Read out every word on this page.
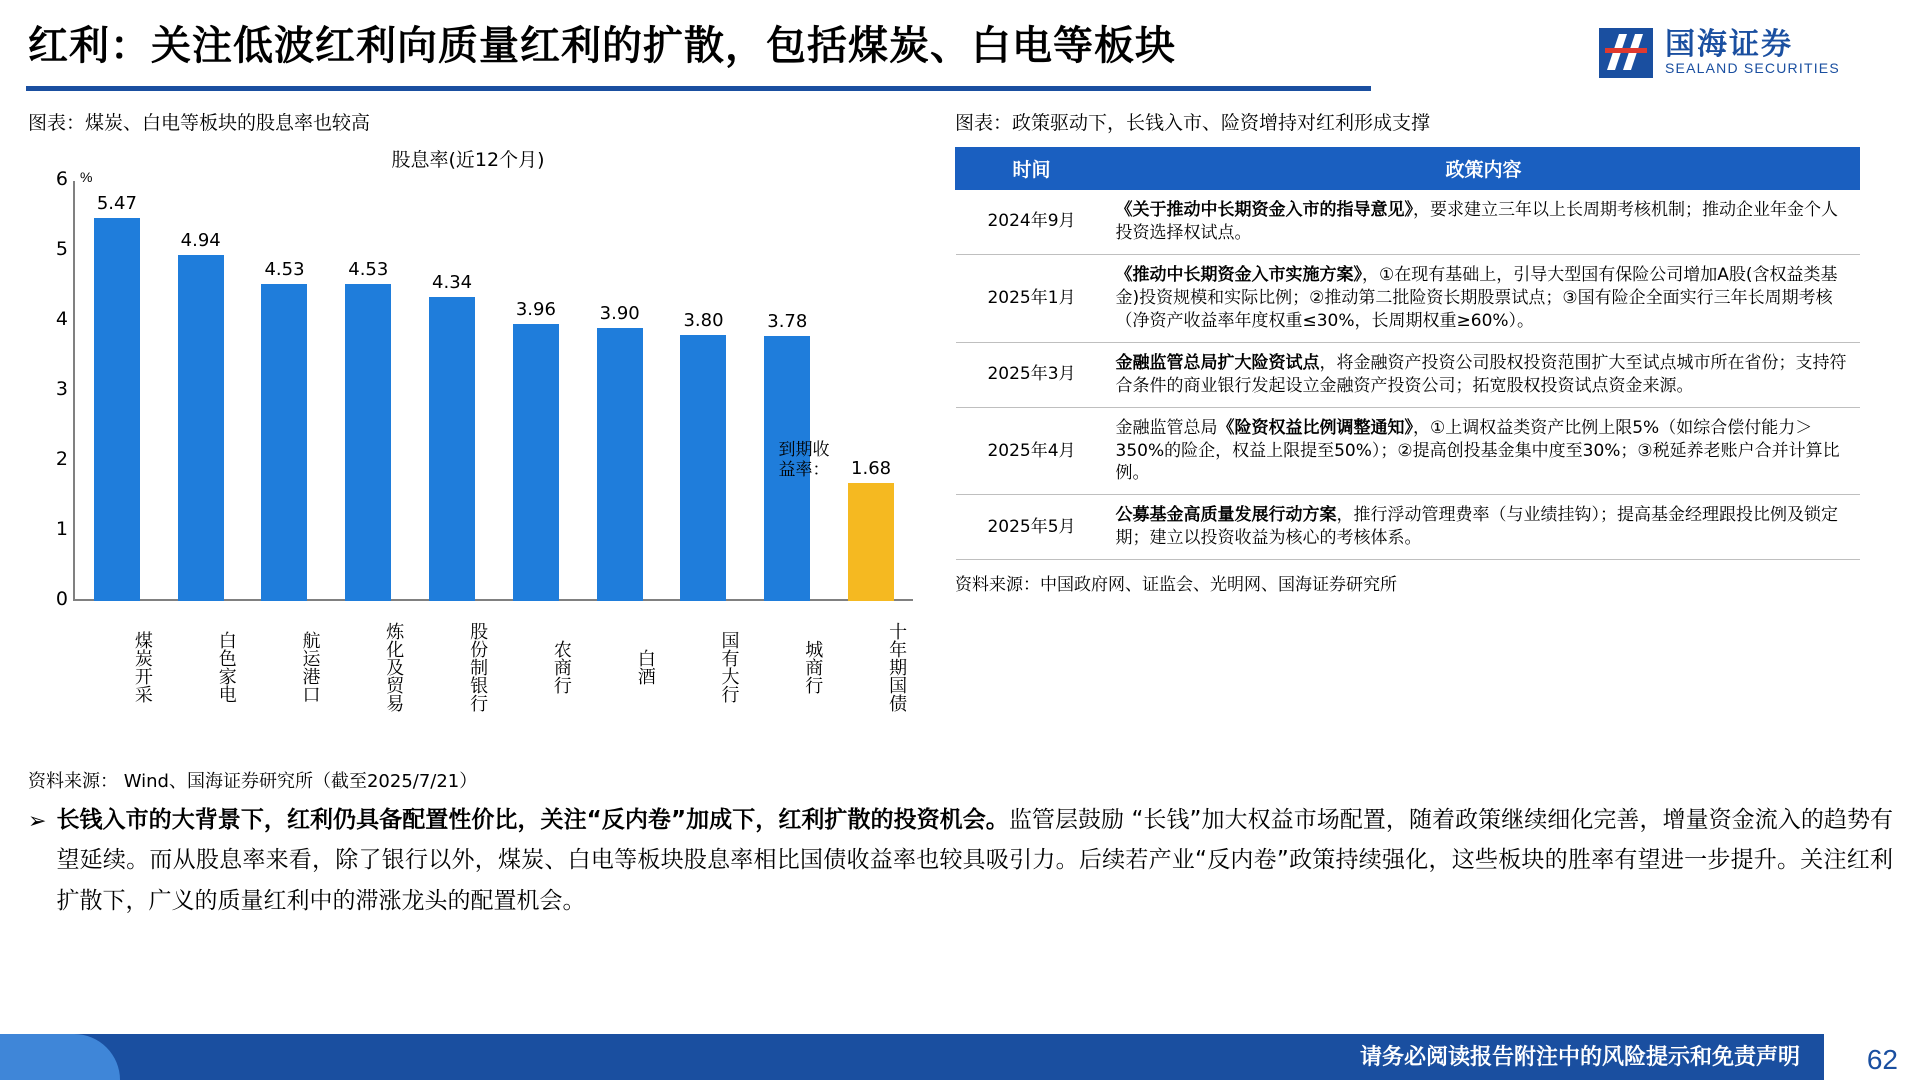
红利：关注低波红利向质量红利的扩散，包括煤炭、白电等板块	国海证券
SEALAND SECURITIES
图表：煤炭、白电等板块的股息率也较高
股息率(近12个月)
%
0
1
2
3
4
5
6
5.47
4.94
4.53 4.53
4.34
3.96 3.90 3.80 3.78
1.68
煤炭开采	白色家电	航运港口	炼化及贸易	股份制银行	农商行	白酒	国有大行	城商行	十年期国债
到期收益率：
资料来源： Wind、国海证券研究所（截至2025/7/21）
图表：政策驱动下，长钱入市、险资增持对红利形成支撑
时间	政策内容
2024年9月	《关于推动中长期资金入市的指导意见》，要求建立三年以上长周期考核机制；推动企业年金个人投资选择权试点。
2025年1月	《推动中长期资金入市实施方案》，①在现有基础上，引导大型国有保险公司增加A股(含权益类基金)投资规模和实际比例；②推动第二批险资长期股票试点；③国有险企全面实行三年长周期考核（净资产收益率年度权重≤30%，长周期权重≥60%）。
2025年3月	金融监管总局扩大险资试点，将金融资产投资公司股权投资范围扩大至试点城市所在省份；支持符合条件的商业银行发起设立金融资产投资公司；拓宽股权投资试点资金来源。
2025年4月	金融监管总局《险资权益比例调整通知》，①上调权益类资产比例上限5%（如综合偿付能力＞350%的险企，权益上限提至50%）；②提高创投基金集中度至30%；③税延养老账户合并计算比例。
2025年5月	公募基金高质量发展行动方案，推行浮动管理费率（与业绩挂钩）；提高基金经理跟投比例及锁定期；建立以投资收益为核心的考核体系。
资料来源：中国政府网、证监会、光明网、国海证券研究所
➢ 长钱入市的大背景下，红利仍具备配置性价比，关注“反内卷”加成下，红利扩散的投资机会。监管层鼓励 “长钱”加大权益市场配置，随着政策继续细化完善，增量资金流入的趋势有望延续。而从股息率来看，除了银行以外，煤炭、白电等板块股息率相比国债收益率也较具吸引力。后续若产业“反内卷”政策持续强化，这些板块的胜率有望进一步提升。关注红利扩散下，广义的质量红利中的滞涨龙头的配置机会。
请务必阅读报告附注中的风险提示和免责声明 62
